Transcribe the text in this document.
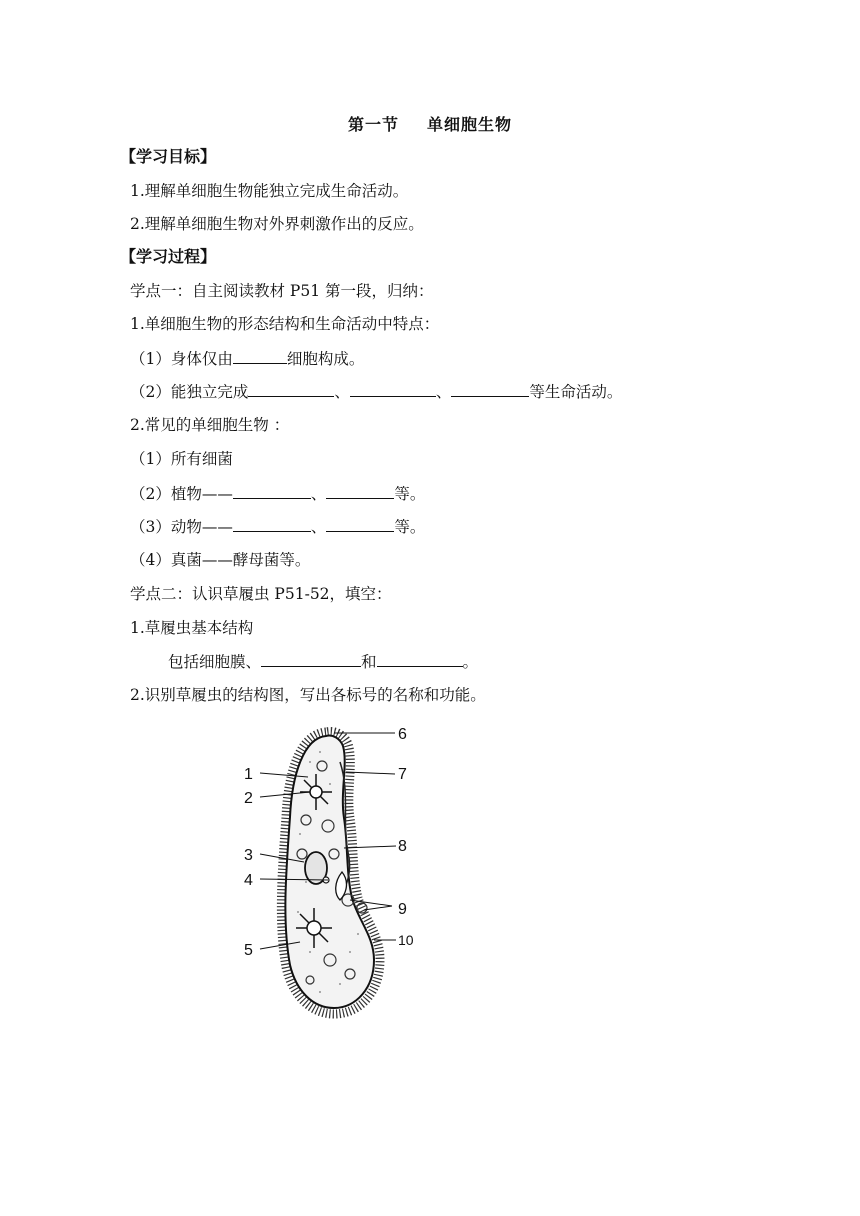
第一节 单细胞生物
【学习目标】
1.理解单细胞生物能独立完成生命活动。
2.理解单细胞生物对外界刺激作出的反应。
【学习过程】
学点一：自主阅读教材 P51 第一段，归纳：
1.单细胞生物的形态结构和生命活动中特点：
（1）身体仅由	细胞构成。
（2）能独立完成	、	、	等生命活动。
2.常见的单细胞生物 ：
（1）所有细菌
（2）植物——	、	等。
（3）动物——	、	等。
（4）真菌——酵母菌等。
学点二：认识草履虫 P51-52，填空：
1.草履虫基本结构
包括细胞膜、	和	。
2.识别草履虫的结构图，写出各标号的名称和功能。
1
2
3
4
5
6
7
8
9
10
